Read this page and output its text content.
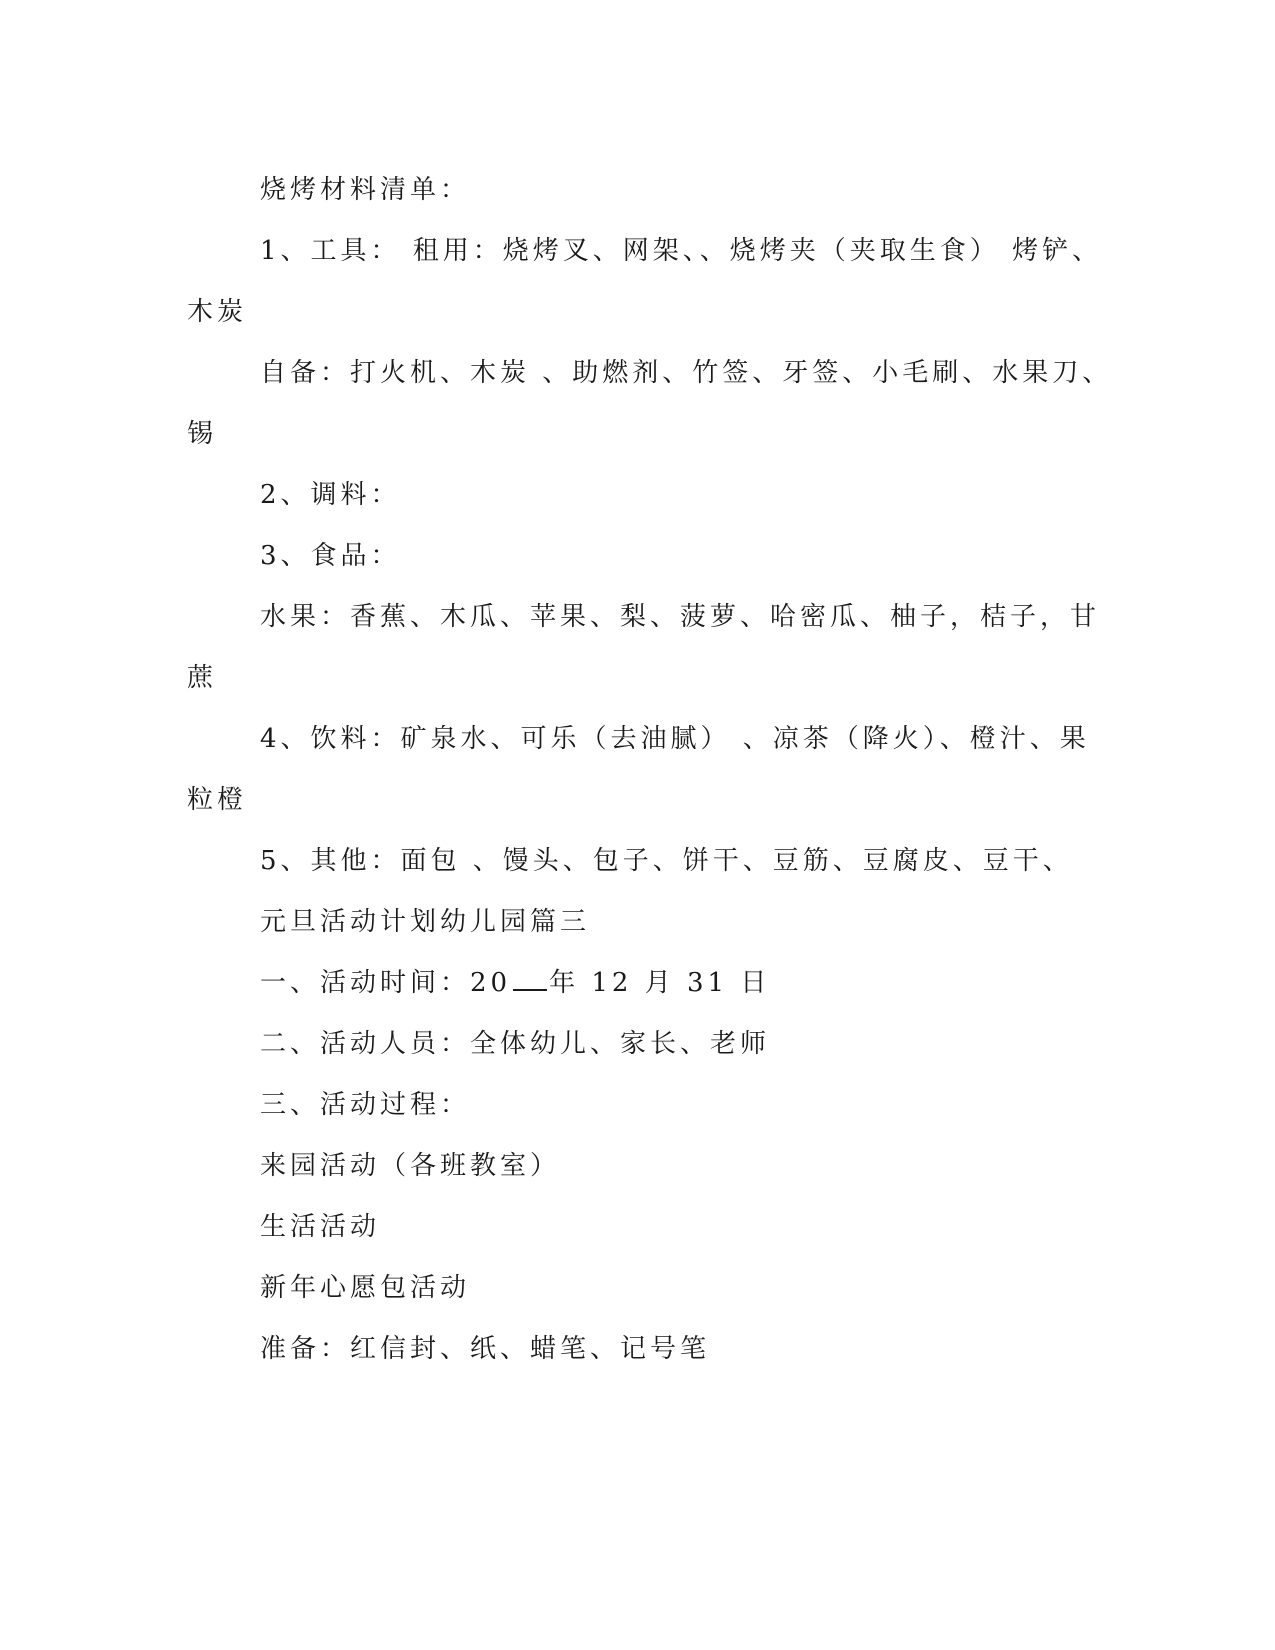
烧烤材料清单：

1、工具： 租用：烧烤叉、网架、、烧烤夹（夹取生食） 烤铲、

木炭

自备：打火机、木炭 、助燃剂、竹签、牙签、小毛刷、水果刀、

锡

2、调料：

3、食品：

水果：香蕉、木瓜、苹果、梨、菠萝、哈密瓜、柚子，桔子，甘

蔗

4、饮料：矿泉水、可乐（去油腻） 、凉茶（降火）、橙汁、果

粒橙

5、其他：面包 、馒头、包子、饼干、豆筋、豆腐皮、豆干、

元旦活动计划幼儿园篇三

一、活动时间：20 年 12 月 31 日

二、活动人员：全体幼儿、家长、老师

三、活动过程：

来园活动（各班教室）

生活活动

新年心愿包活动

准备：红信封、纸、蜡笔、记号笔
